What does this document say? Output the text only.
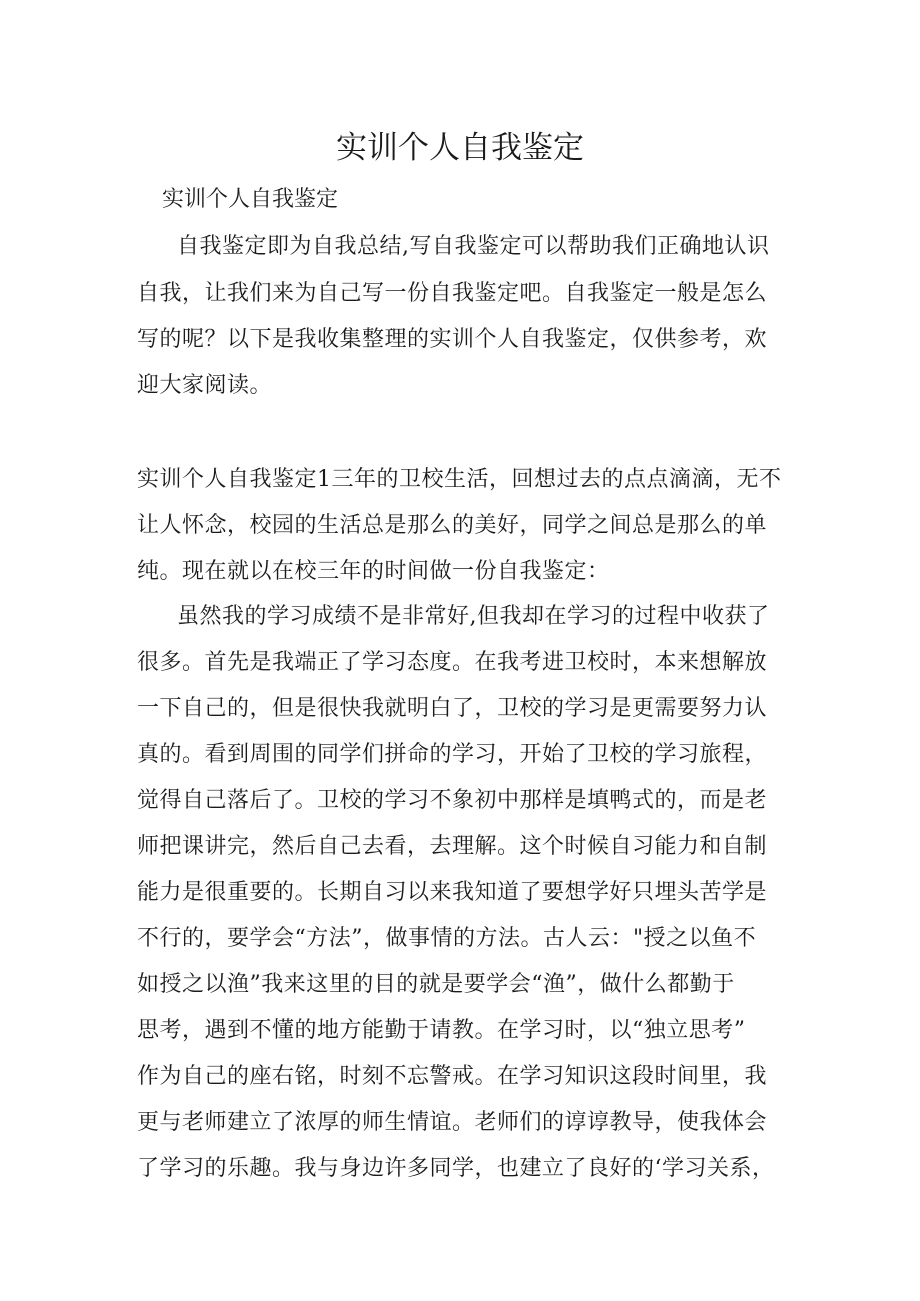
实训个人自我鉴定

实训个人自我鉴定

自我鉴定即为自我总结,写自我鉴定可以帮助我们正确地认识

自我，让我们来为自己写一份自我鉴定吧。自我鉴定一般是怎么

写的呢？以下是我收集整理的实训个人自我鉴定，仅供参考，欢

迎大家阅读。

实训个人自我鉴定1三年的卫校生活，回想过去的点点滴滴，无不

让人怀念，校园的生活总是那么的美好，同学之间总是那么的单

纯。现在就以在校三年的时间做一份自我鉴定：

虽然我的学习成绩不是非常好,但我却在学习的过程中收获了

很多。首先是我端正了学习态度。在我考进卫校时，本来想解放

一下自己的，但是很快我就明白了，卫校的学习是更需要努力认

真的。看到周围的同学们拼命的学习，开始了卫校的学习旅程，

觉得自己落后了。卫校的学习不象初中那样是填鸭式的，而是老

师把课讲完，然后自己去看，去理解。这个时候自习能力和自制

能力是很重要的。长期自习以来我知道了要想学好只埋头苦学是

不行的，要学会“方法”，做事情的方法。古人云："授之以鱼不

如授之以渔”我来这里的目的就是要学会“渔”，做什么都勤于

思考，遇到不懂的地方能勤于请教。在学习时，以“独立思考”

作为自己的座右铭，时刻不忘警戒。在学习知识这段时间里，我

更与老师建立了浓厚的师生情谊。老师们的谆谆教导，使我体会

了学习的乐趣。我与身边许多同学，也建立了良好的‘学习关系，
